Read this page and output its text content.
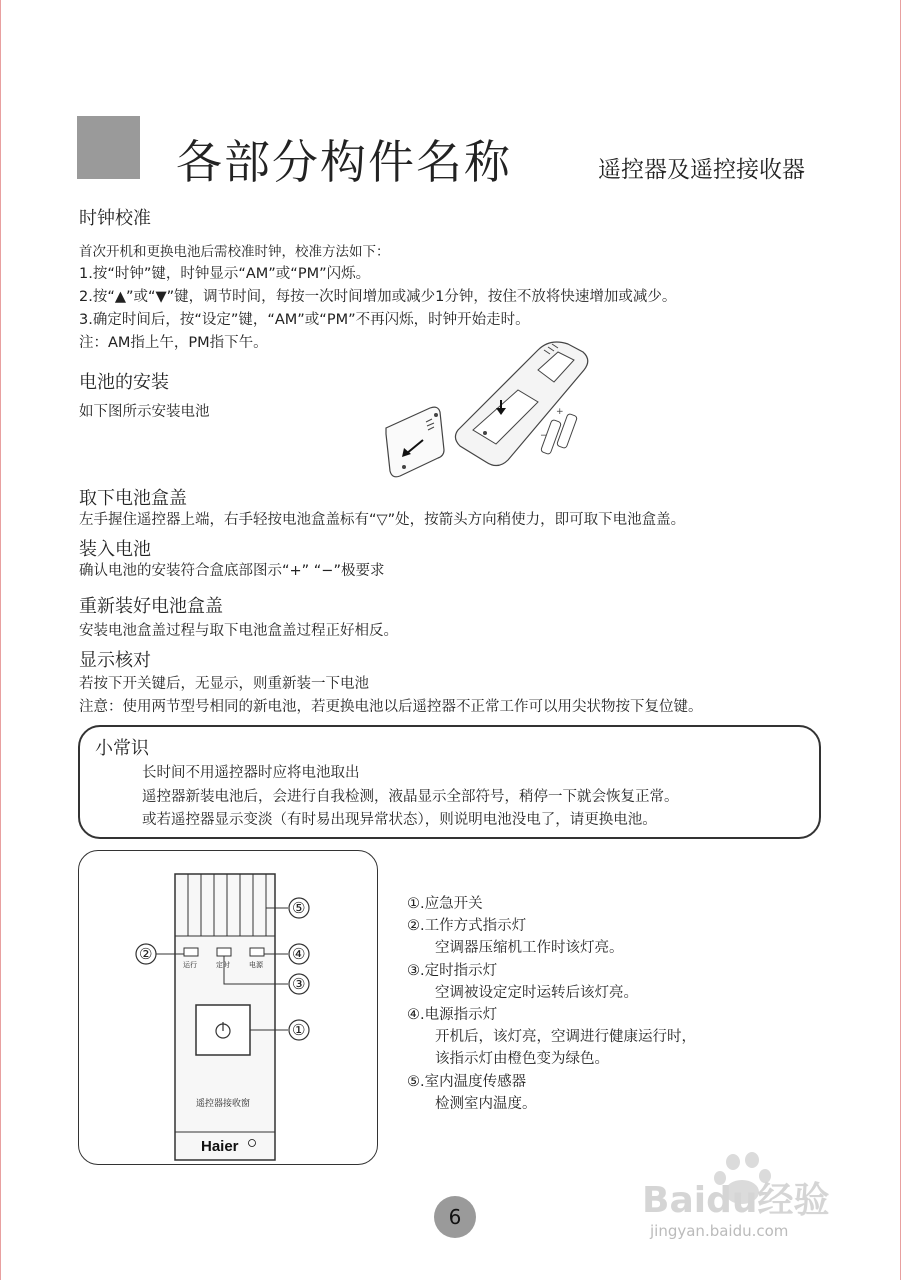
各部分构件名称	遥控器及遥控接收器
时钟校准
首次开机和更换电池后需校准时钟，校准方法如下：
1.按“时钟”键，时钟显示“AM”或“PM”闪烁。
2.按“▲”或“▼”键，调节时间，每按一次时间增加或减少1分钟，按住不放将快速增加或减少。
3.确定时间后，按“设定”键，“AM”或“PM”不再闪烁，时钟开始走时。
注：AM指上午，PM指下午。
电池的安装
如下图所示安装电池
−
+
取下电池盒盖
左手握住遥控器上端，右手轻按电池盒盖标有“▽”处，按箭头方向稍使力，即可取下电池盒盖。
装入电池
确认电池的安装符合盒底部图示“+” “−”极要求
重新装好电池盒盖
安装电池盒盖过程与取下电池盒盖过程正好相反。
显示核对
若按下开关键后，无显示，则重新装一下电池
注意：使用两节型号相同的新电池，若更换电池以后遥控器不正常工作可以用尖状物按下复位键。
小常识
长时间不用遥控器时应将电池取出
遥控器新装电池后，会进行自我检测，液晶显示全部符号，稍停一下就会恢复正常。
或若遥控器显示变淡（有时易出现异常状态），则说明电池没电了，请更换电池。
运行	定时	电源
遥控器接收窗
Haier
⑤
②	④
③
①
①.应急开关
②.工作方式指示灯
空调器压缩机工作时该灯亮。
③.定时指示灯
空调被设定定时运转后该灯亮。
④.电源指示灯
开机后，该灯亮，空调进行健康运行时，
该指示灯由橙色变为绿色。
⑤.室内温度传感器
检测室内温度。
6	Baidu经验
jingyan.baidu.com
